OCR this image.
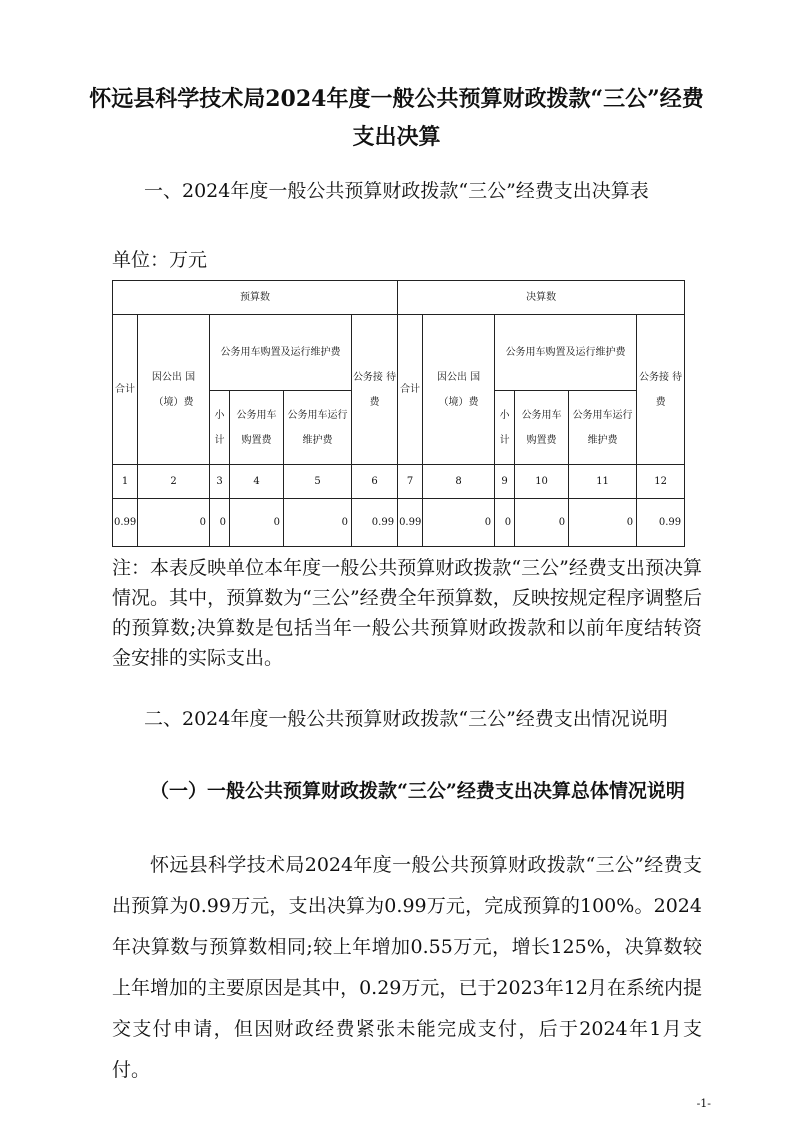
怀远县科学技术局2024年度一般公共预算财政拨款“三公”经费支出决算
一、2024年度一般公共预算财政拨款“三公”经费支出决算表
单位：万元
预算数						决算数					
合计	因公出 国 （境）费	公务用车购置及运行维护费			公务接 待费	合计	因公出 国 （境）费	公务用车购置及运行维护费			公务接 待费
		小 计	公务用车 购置费	公务用车运行 维护费				小 计	公务用车 购置费	公务用车运行 维护费	
1	2	3	4	5	6	7	8	9	10	11	12
0.99	0	0	0	0	0.99	0.99	0	0	0	0	0.99
注：本表反映单位本年度一般公共预算财政拨款“三公”经费支出预决算情况。其中，预算数为“三公”经费全年预算数，反映按规定程序调整后的预算数;决算数是包括当年一般公共预算财政拨款和以前年度结转资金安排的实际支出。
二、2024年度一般公共预算财政拨款“三公”经费支出情况说明
（一）一般公共预算财政拨款“三公”经费支出决算总体情况说明
怀远县科学技术局2024年度一般公共预算财政拨款“三公”经费支出预算为0.99万元，支出决算为0.99万元，完成预算的100%。2024年决算数与预算数相同;较上年增加0.55万元，增长125%，决算数较上年增加的主要原因是其中，0.29万元，已于2023年12月在系统内提交支付申请，但因财政经费紧张未能完成支付，后于2024年1月支付。
-1-
